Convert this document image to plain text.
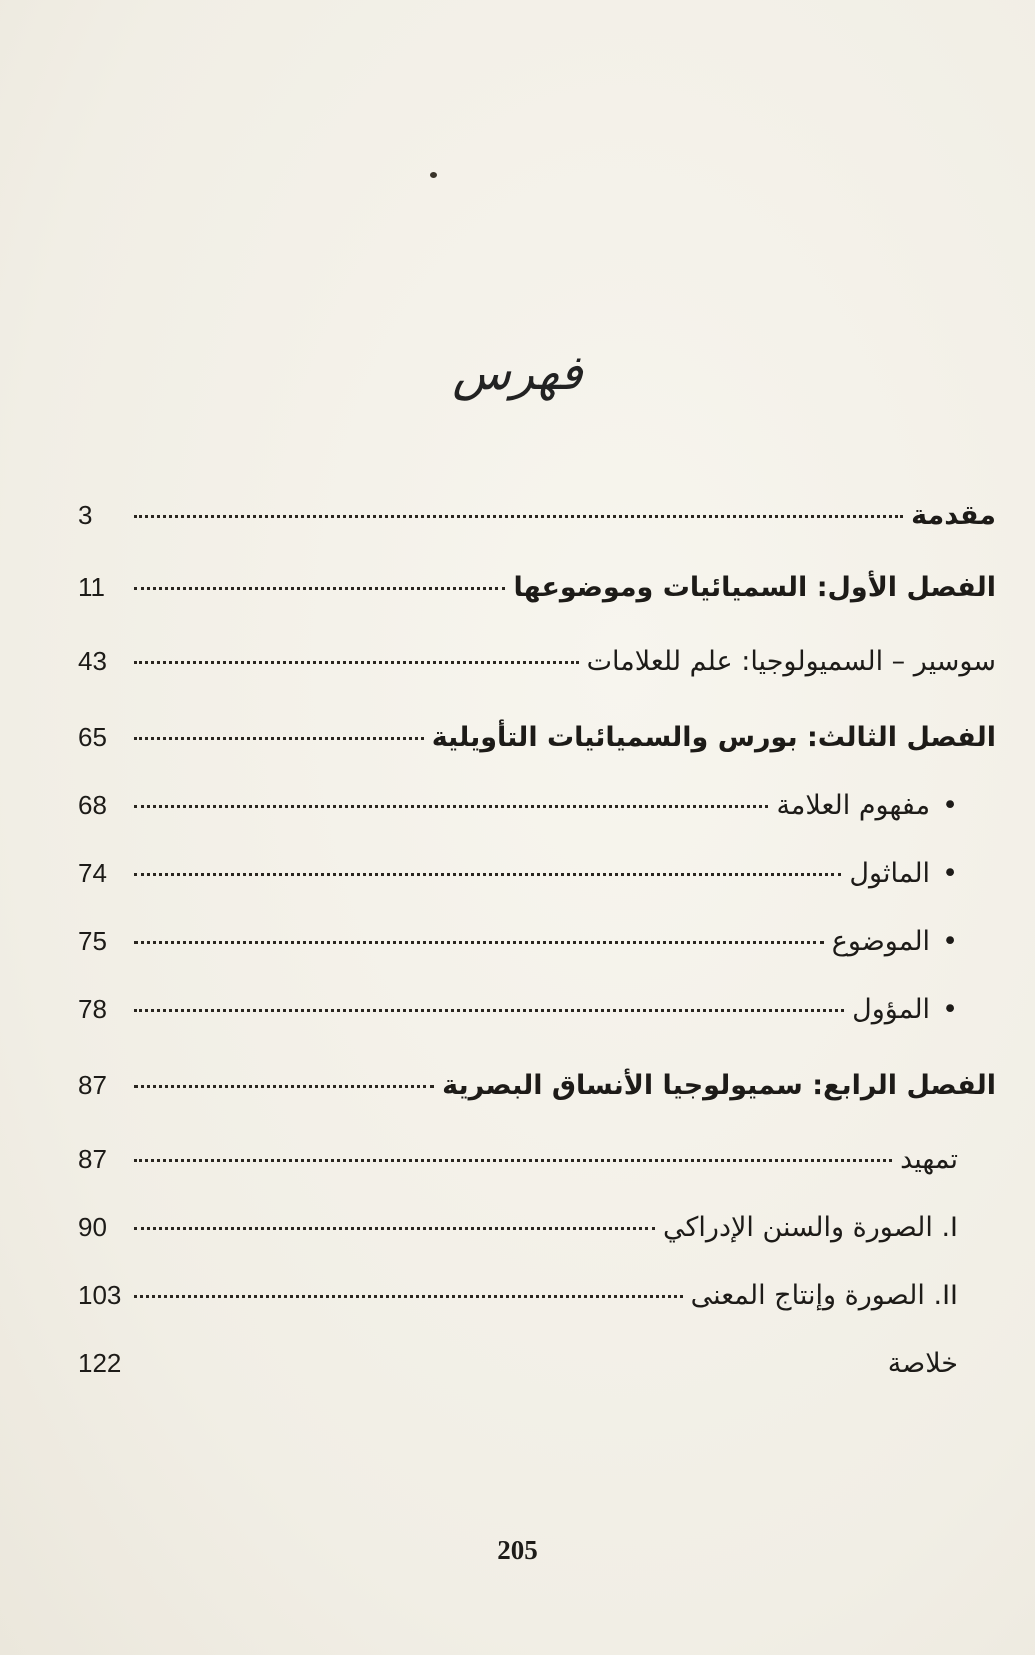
فهرس
مقدمة
3
الفصل الأول: السميائيات وموضوعها
11
سوسير – السميولوجيا: علم للعلامات
43
الفصل الثالث: بورس والسميائيات التأويلية
65
• مفهوم العلامة
68
• الماثول
74
• الموضوع
75
• المؤول
78
الفصل الرابع: سميولوجيا الأنساق البصرية
87
تمهيد
87
I. الصورة والسنن الإدراكي
90
II. الصورة وإنتاج المعنى
103
خلاصة
122
205
